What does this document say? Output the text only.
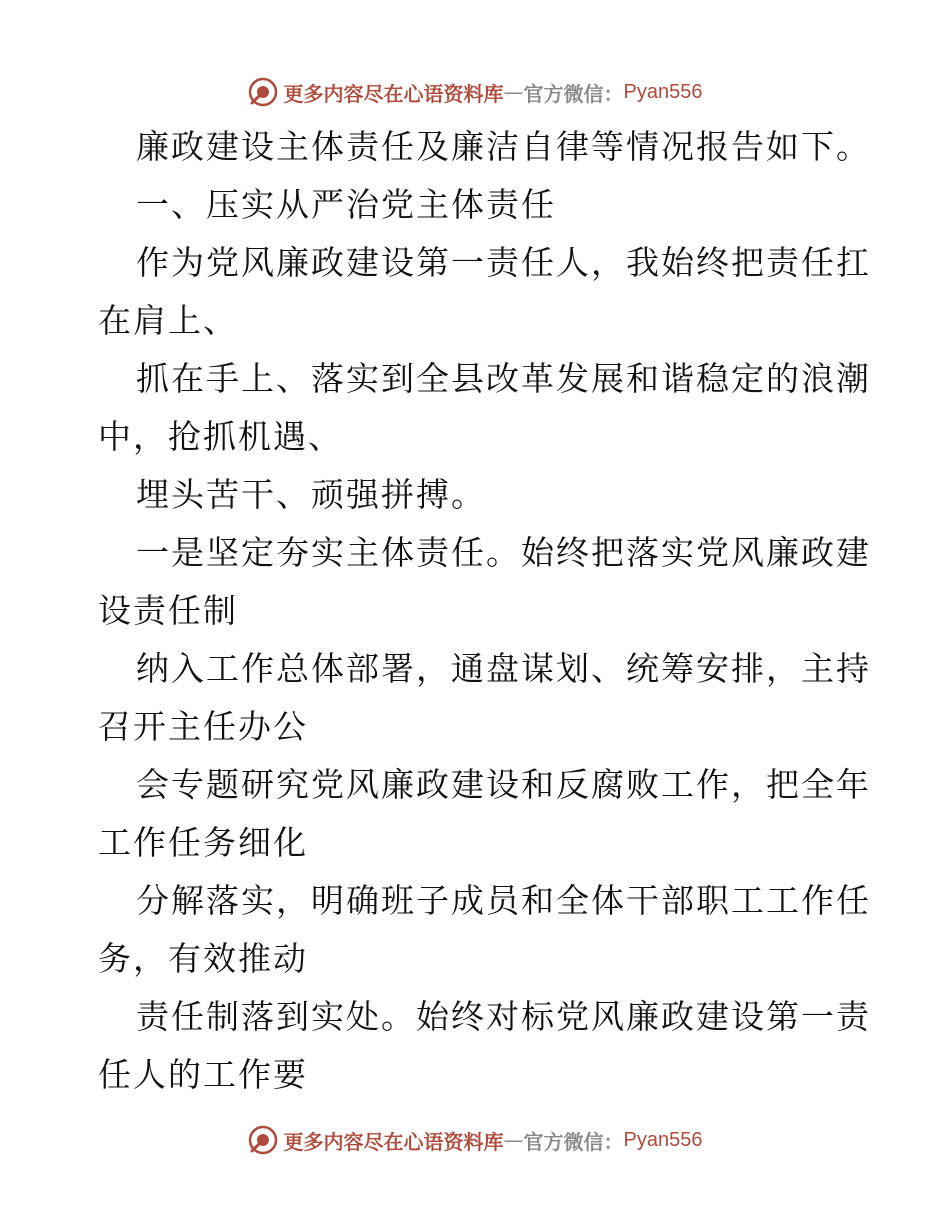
更多内容尽在心语资料库 — 官方微信： Pyan556
廉政建设主体责任及廉洁自律等情况报告如下。
一、压实从严治党主体责任
作为党风廉政建设第一责任人，我始终把责任扛
在肩上、
抓在手上、落实到全县改革发展和谐稳定的浪潮
中，抢抓机遇、
埋头苦干、顽强拼搏。
一是坚定夯实主体责任。始终把落实党风廉政建
设责任制
纳入工作总体部署，通盘谋划、统筹安排，主持
召开主任办公
会专题研究党风廉政建设和反腐败工作，把全年
工作任务细化
分解落实，明确班子成员和全体干部职工工作任
务，有效推动
责任制落到实处。始终对标党风廉政建设第一责
任人的工作要
更多内容尽在心语资料库 — 官方微信： Pyan556
